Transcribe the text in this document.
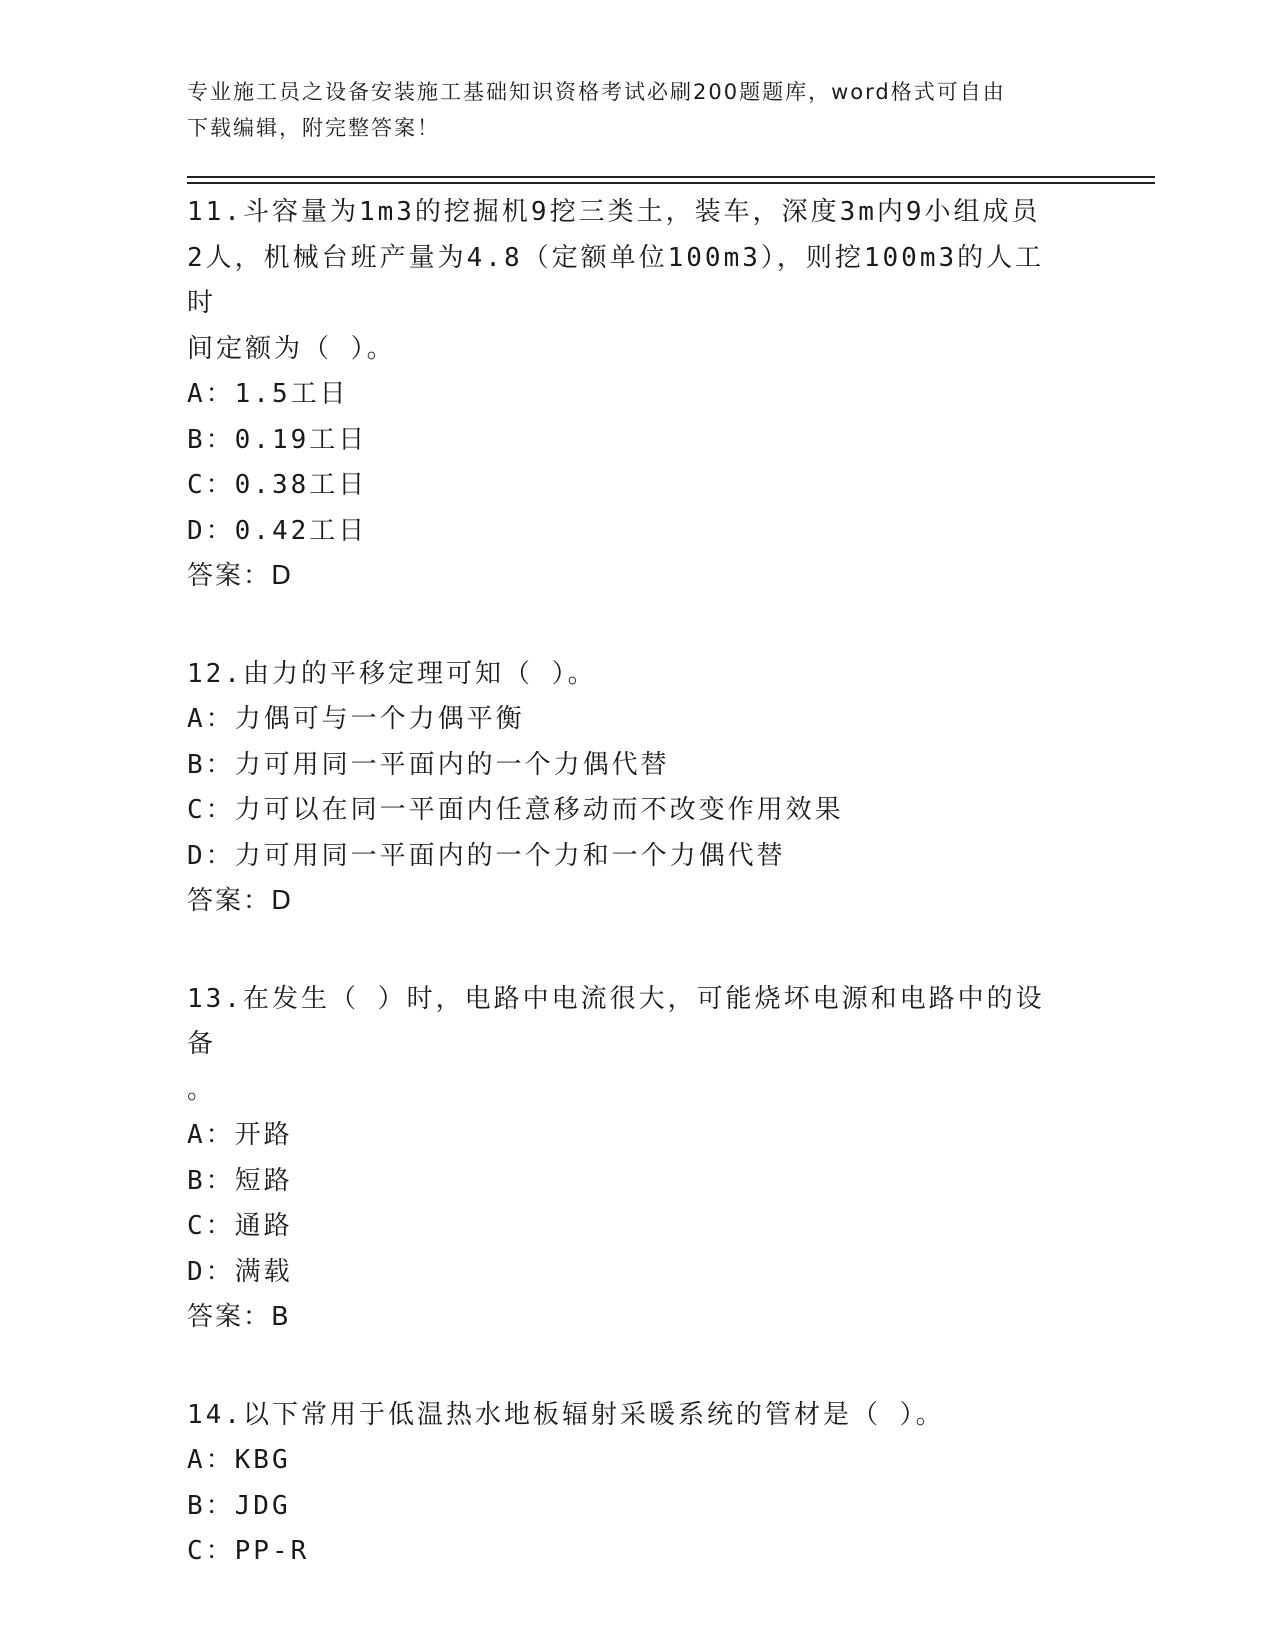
专业施工员之设备安装施工基础知识资格考试必刷200题题库，word格式可自由
下载编辑，附完整答案！
11.斗容量为1m3的挖掘机9挖三类土，装车，深度3m内9小组成员
2人，机械台班产量为4.8（定额单位100m3），则挖100m3的人工时
间定额为（ ）。
A：1.5工日
B：0.19工日
C：0.38工日
D：0.42工日
答案：D
12.由力的平移定理可知（ ）。
A：力偶可与一个力偶平衡
B：力可用同一平面内的一个力偶代替
C：力可以在同一平面内任意移动而不改变作用效果
D：力可用同一平面内的一个力和一个力偶代替
答案：D
13.在发生（ ）时，电路中电流很大，可能烧坏电源和电路中的设备
。
A：开路
B：短路
C：通路
D：满载
答案：B
14.以下常用于低温热水地板辐射采暖系统的管材是（ ）。
A：KBG
B：JDG
C：PP-R
